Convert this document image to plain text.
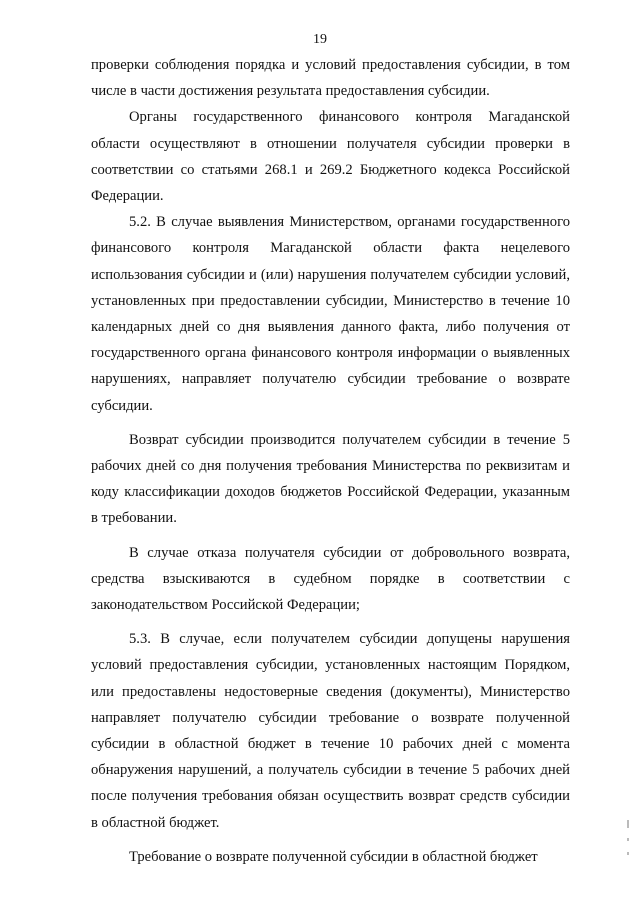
19

проверки соблюдения порядка и условий предоставления субсидии, в том числе в части достижения результата предоставления субсидии.

Органы государственного финансового контроля Магаданской области осуществляют в отношении получателя субсидии проверки в соответствии со статьями 268.1 и 269.2 Бюджетного кодекса Российской Федерации.

5.2. В случае выявления Министерством, органами государственного финансового контроля Магаданской области факта нецелевого использования субсидии и (или) нарушения получателем субсидии условий, установленных при предоставлении субсидии, Министерство в течение 10 календарных дней со дня выявления данного факта, либо получения от государственного органа финансового контроля информации о выявленных нарушениях, направляет получателю субсидии требование о возврате субсидии.

Возврат субсидии производится получателем субсидии в течение 5 рабочих дней со дня получения требования Министерства по реквизитам и коду классификации доходов бюджетов Российской Федерации, указанным в требовании.

В случае отказа получателя субсидии от добровольного возврата, средства взыскиваются в судебном порядке в соответствии с законодательством Российской Федерации;

5.3. В случае, если получателем субсидии допущены нарушения условий предоставления субсидии, установленных настоящим Порядком, или предоставлены недостоверные сведения (документы), Министерство направляет получателю субсидии требование о возврате полученной субсидии в областной бюджет в течение 10 рабочих дней с момента обнаружения нарушений, а получатель субсидии в течение 5 рабочих дней после получения требования обязан осуществить возврат средств субсидии в областной бюджет.

Требование о возврате полученной субсидии в областной бюджет
